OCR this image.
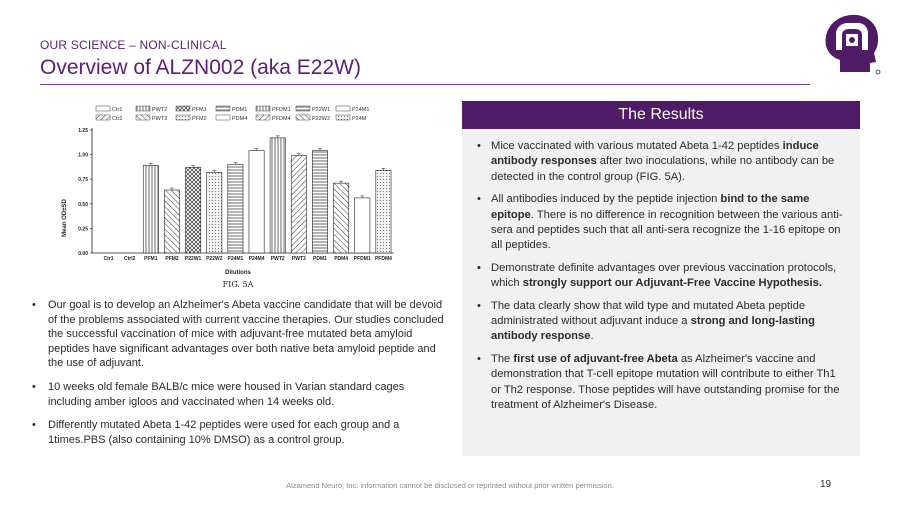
OUR SCIENCE – NON-CLINICAL
Overview of ALZN002 (aka E22W)
Ctr1
Ctr2
PWT2
PWT3
PFM1
PFM2
PDM1
PDM4
PFDM1
PFDM4
P22W1
P22W2
P24M1
P24M
0.00
0.25
0.50
0.75
1.00
1.25
Ctr1 Ctrl2 PFM1 PFM2 P22W1 P22W2 P24M1 P24M4 PWT2 PWT3 PDM1 PDM4 PFDM1 PFDM4
Mean OD±SD
Dilutions
FIG. 5A
• Our goal is to develop an Alzheimer's Abeta vaccine candidate that will be devoid of the problems associated with current vaccine therapies. Our studies concluded the successful vaccination of mice with adjuvant-free mutated beta amyloid peptides have significant advantages over both native beta amyloid peptide and the use of adjuvant.
• 10 weeks old female BALB/c mice were housed in Varian standard cages including amber igloos and vaccinated when 14 weeks old.
• Differently mutated Abeta 1-42 peptides were used for each group and a 1times.PBS (also containing 10% DMSO) as a control group.
The Results
• Mice vaccinated with various mutated Abeta 1-42 peptides induce antibody responses after two inoculations, while no antibody can be detected in the control group (FIG. 5A).
• All antibodies induced by the peptide injection bind to the same epitope. There is no difference in recognition between the various anti-sera and peptides such that all anti-sera recognize the 1-16 epitope on all peptides.
• Demonstrate definite advantages over previous vaccination protocols, which strongly support our Adjuvant-Free Vaccine Hypothesis.
• The data clearly show that wild type and mutated Abeta peptide administrated without adjuvant induce a strong and long-lasting antibody response.
• The first use of adjuvant-free Abeta as Alzheimer's vaccine and demonstration that T-cell epitope mutation will contribute to either Th1 or Th2 response. Those peptides will have outstanding promise for the treatment of Alzheimer's Disease.
Alzamend Neuro, Inc. information cannot be disclosed or reprinted without prior written permission.	19
